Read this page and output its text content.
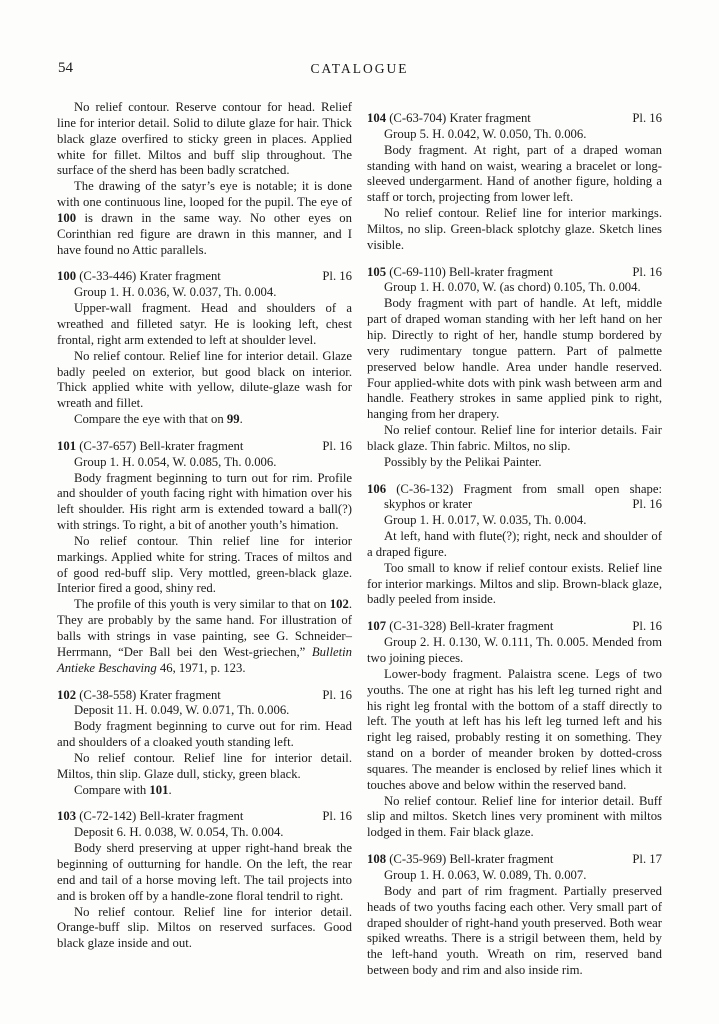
54	CATALOGUE

No relief contour. Reserve contour for head. Relief line for interior detail. Solid to dilute glaze for hair. Thick black glaze overfired to sticky green in places. Applied white for fillet. Miltos and buff slip throughout. The surface of the sherd has been badly scratched.

The drawing of the satyr’s eye is notable; it is done with one continuous line, looped for the pupil. The eye of 100 is drawn in the same way. No other eyes on Corinthian red figure are drawn in this manner, and I have found no Attic parallels.

100 (C-33-446) Krater fragment	Pl. 16

Group 1. H. 0.036, W. 0.037, Th. 0.004.

Upper-wall fragment. Head and shoulders of a wreathed and filleted satyr. He is looking left, chest frontal, right arm extended to left at shoulder level.

No relief contour. Relief line for interior detail. Glaze badly peeled on exterior, but good black on interior. Thick applied white with yellow, dilute-glaze wash for wreath and fillet.

Compare the eye with that on 99.

101 (C-37-657) Bell-krater fragment	Pl. 16

Group 1. H. 0.054, W. 0.085, Th. 0.006.

Body fragment beginning to turn out for rim. Profile and shoulder of youth facing right with himation over his left shoulder. His right arm is extended toward a ball(?) with strings. To right, a bit of another youth’s himation.

No relief contour. Thin relief line for interior markings. Applied white for string. Traces of miltos and of good red-buff slip. Very mottled, green-black glaze. Interior fired a good, shiny red.

The profile of this youth is very similar to that on 102. They are probably by the same hand. For illustration of balls with strings in vase painting, see G. Schneider–Herrmann, “Der Ball bei den West-griechen,” Bulletin Antieke Beschaving 46, 1971, p. 123.

102 (C-38-558) Krater fragment	Pl. 16

Deposit 11. H. 0.049, W. 0.071, Th. 0.006.

Body fragment beginning to curve out for rim. Head and shoulders of a cloaked youth standing left.

No relief contour. Relief line for interior detail. Miltos, thin slip. Glaze dull, sticky, green black.

Compare with 101.

103 (C-72-142) Bell-krater fragment	Pl. 16

Deposit 6. H. 0.038, W. 0.054, Th. 0.004.

Body sherd preserving at upper right-hand break the beginning of outturning for handle. On the left, the rear end and tail of a horse moving left. The tail projects into and is broken off by a handle-zone floral tendril to right.

No relief contour. Relief line for interior detail. Orange-buff slip. Miltos on reserved surfaces. Good black glaze inside and out.

104 (C-63-704) Krater fragment	Pl. 16

Group 5. H. 0.042, W. 0.050, Th. 0.006.

Body fragment. At right, part of a draped woman standing with hand on waist, wearing a bracelet or long-sleeved undergarment. Hand of another figure, holding a staff or torch, projecting from lower left.

No relief contour. Relief line for interior markings. Miltos, no slip. Green-black splotchy glaze. Sketch lines visible.

105 (C-69-110) Bell-krater fragment	Pl. 16

Group 1. H. 0.070, W. (as chord) 0.105, Th. 0.004.

Body fragment with part of handle. At left, middle part of draped woman standing with her left hand on her hip. Directly to right of her, handle stump bordered by very rudimentary tongue pattern. Part of palmette preserved below handle. Area under handle reserved. Four applied-white dots with pink wash between arm and handle. Feathery strokes in same applied pink to right, hanging from her drapery.

No relief contour. Relief line for interior details. Fair black glaze. Thin fabric. Miltos, no slip.

Possibly by the Pelikai Painter.

106 (C-36-132) Fragment from small open shape:
skyphos or krater	Pl. 16

Group 1. H. 0.017, W. 0.035, Th. 0.004.

At left, hand with flute(?); right, neck and shoulder of a draped figure.

Too small to know if relief contour exists. Relief line for interior markings. Miltos and slip. Brown-black glaze, badly peeled from inside.

107 (C-31-328) Bell-krater fragment	Pl. 16

Group 2. H. 0.130, W. 0.111, Th. 0.005. Mended from two joining pieces.

Lower-body fragment. Palaistra scene. Legs of two youths. The one at right has his left leg turned right and his right leg frontal with the bottom of a staff directly to left. The youth at left has his left leg turned left and his right leg raised, probably resting it on something. They stand on a border of meander broken by dotted-cross squares. The meander is enclosed by relief lines which it touches above and below within the reserved band.

No relief contour. Relief line for interior detail. Buff slip and miltos. Sketch lines very prominent with miltos lodged in them. Fair black glaze.

108 (C-35-969) Bell-krater fragment	Pl. 17

Group 1. H. 0.063, W. 0.089, Th. 0.007.

Body and part of rim fragment. Partially preserved heads of two youths facing each other. Very small part of draped shoulder of right-hand youth preserved. Both wear spiked wreaths. There is a strigil between them, held by the left-hand youth. Wreath on rim, reserved band between body and rim and also inside rim.
